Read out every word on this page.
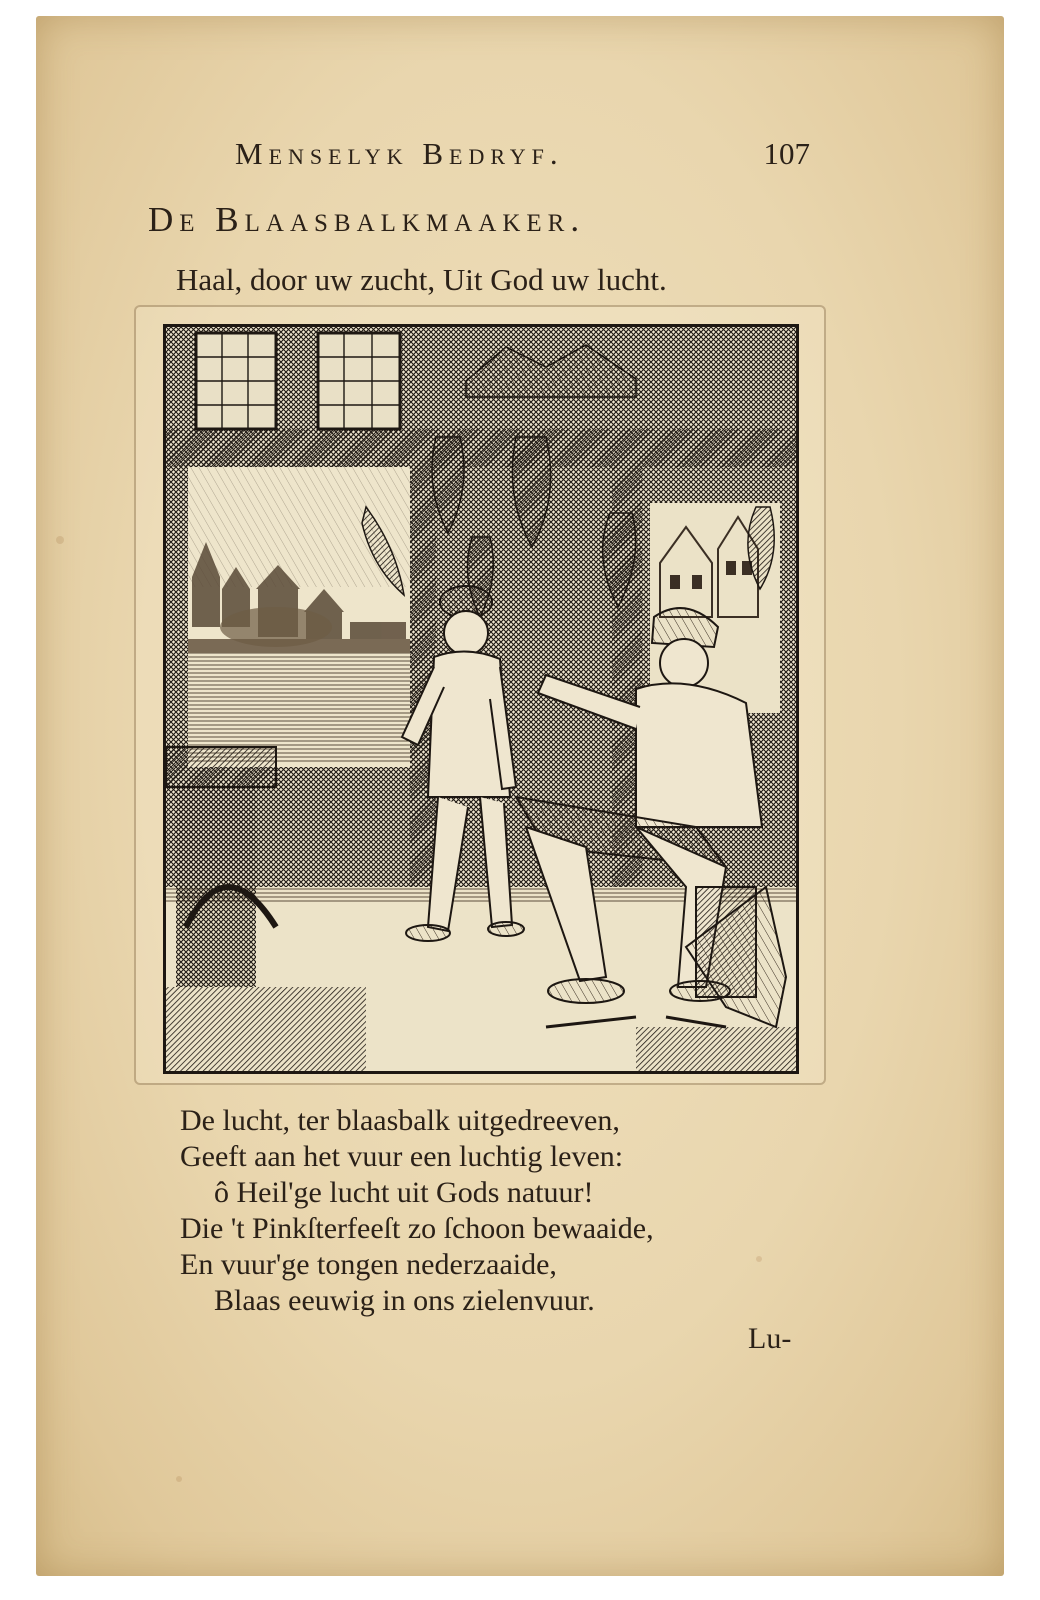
Menselyk Bedryf.	107
De Blaasbalkmaaker.
Haal, door uw zucht, Uit God uw lucht.
De lucht, ter blaasbalk uitgedreeven,
Geeft aan het vuur een luchtig leven:
ô Heil'ge lucht uit Gods natuur!
Die 't Pinkſterfeeſt zo ſchoon bewaaide,
En vuur'ge tongen nederzaaide,
Blaas eeuwig in ons zielenvuur.
Lu-
